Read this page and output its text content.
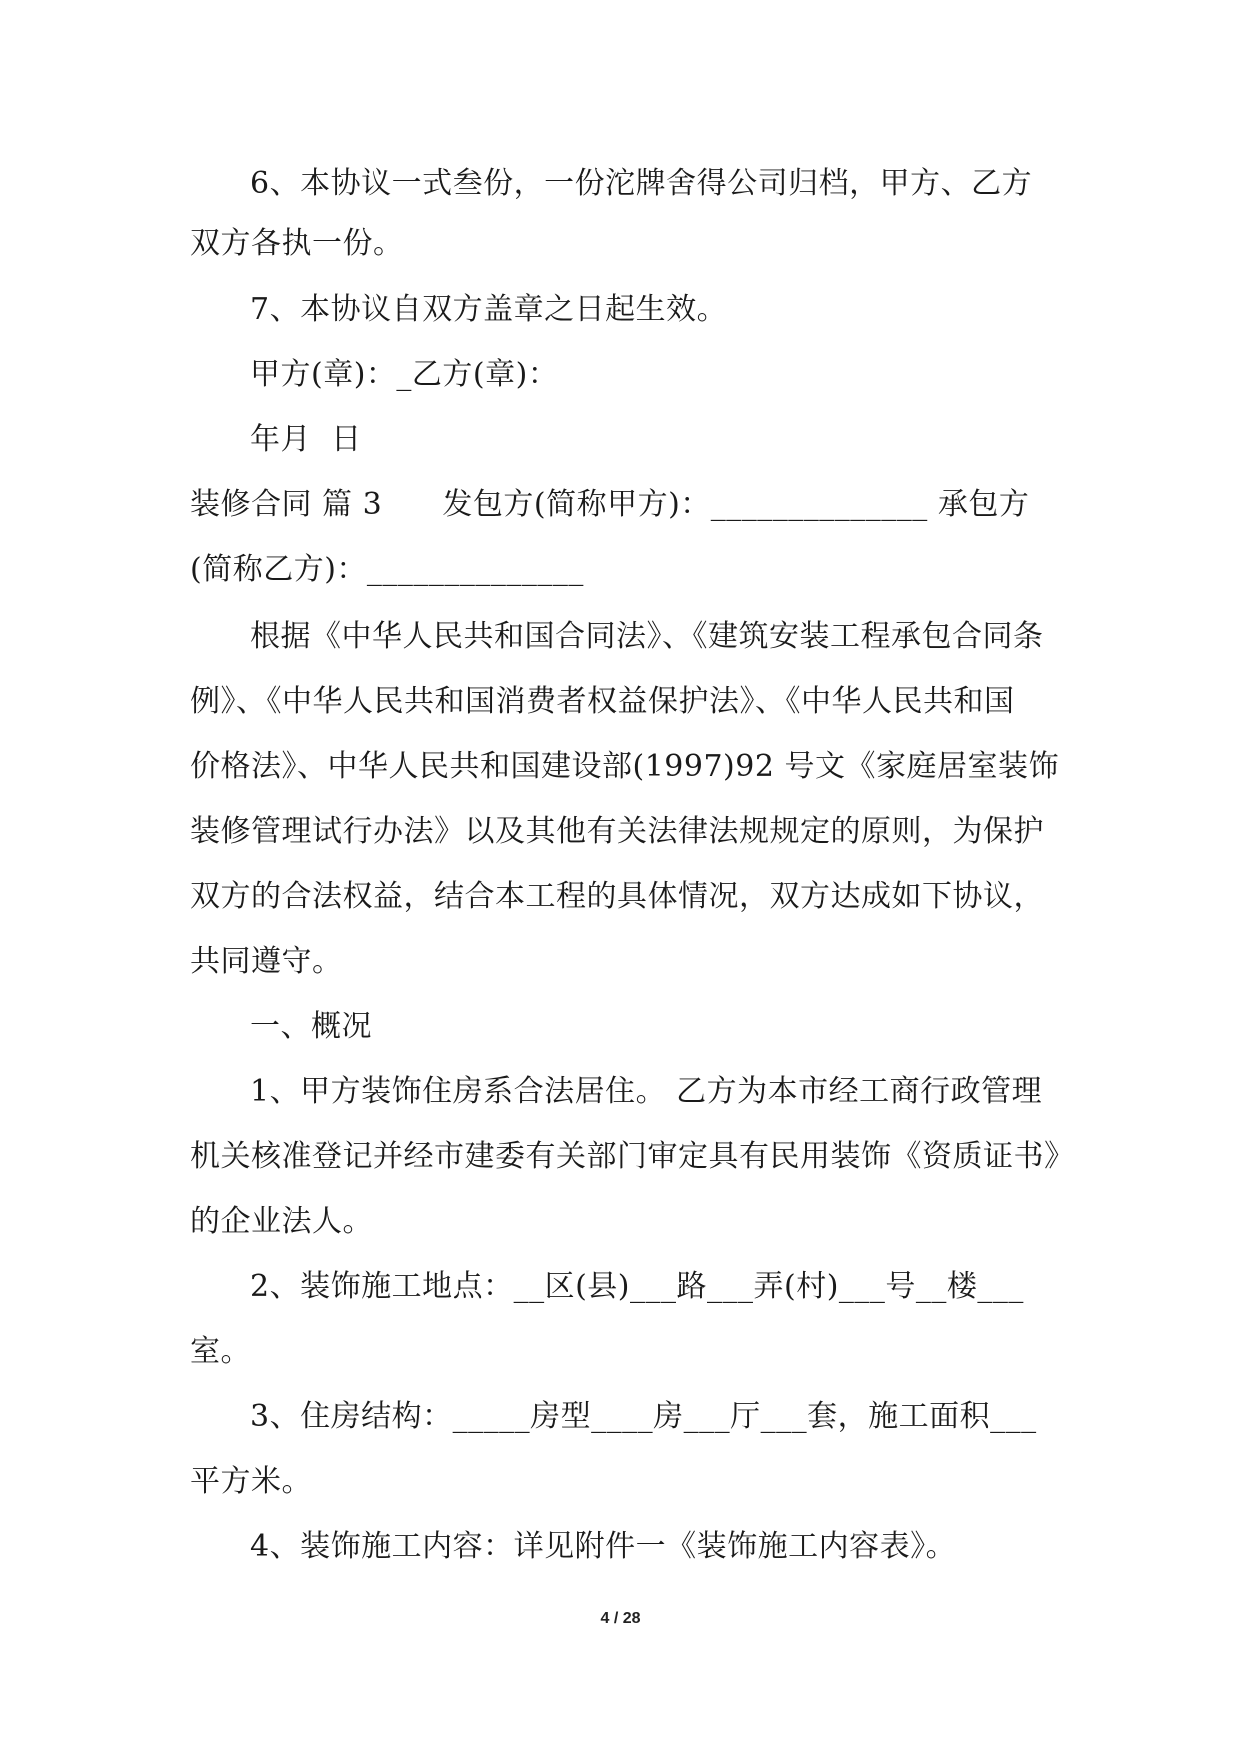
6、本协议一式叁份，一份沱牌舍得公司归档，甲方、乙方
双方各执一份。
7、本协议自双方盖章之日起生效。
甲方(章)：_乙方(章)：
年月  日
装修合同 篇 3      发包方(简称甲方)：______________ 承包方
(简称乙方)：______________
根据《中华人民共和国合同法》、《建筑安装工程承包合同条
例》、《中华人民共和国消费者权益保护法》、《中华人民共和国
价格法》、中华人民共和国建设部(1997)92 号文《家庭居室装饰
装修管理试行办法》以及其他有关法律法规规定的原则，为保护
双方的合法权益，结合本工程的具体情况，双方达成如下协议，
共同遵守。
一、概况
1、甲方装饰住房系合法居住。 乙方为本市经工商行政管理
机关核准登记并经市建委有关部门审定具有民用装饰《资质证书》
的企业法人。
2、装饰施工地点：__区(县)___路___弄(村)___号__楼___
室。
3、住房结构：_____房型____房___厅___套，施工面积___
平方米。
4、装饰施工内容：详见附件一《装饰施工内容表》。
4 / 28
